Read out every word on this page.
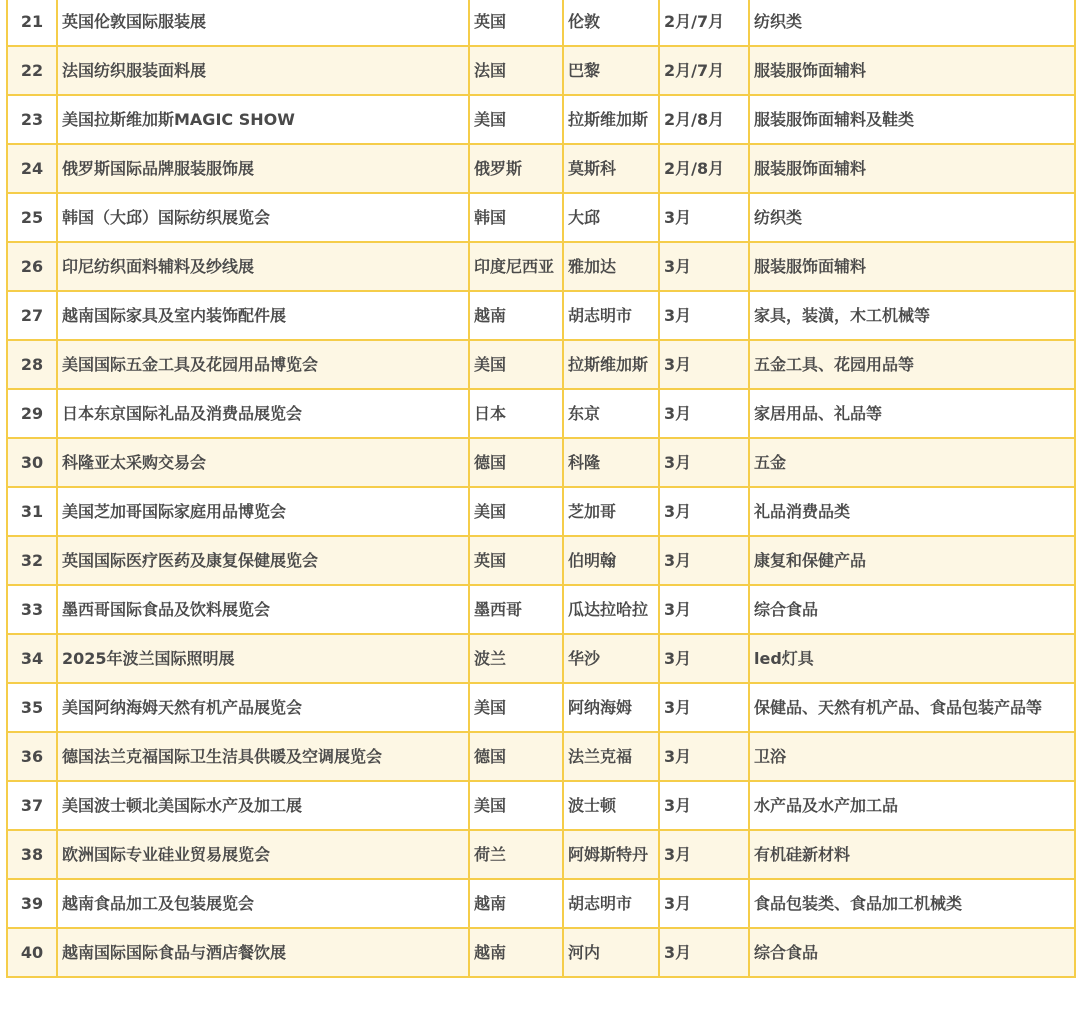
21	英国伦敦国际服装展	英国	伦敦	2月/7月	纺织类
22	法国纺织服装面料展	法国	巴黎	2月/7月	服装服饰面辅料
23	美国拉斯维加斯MAGIC SHOW	美国	拉斯维加斯	2月/8月	服装服饰面辅料及鞋类
24	俄罗斯国际品牌服装服饰展	俄罗斯	莫斯科	2月/8月	服装服饰面辅料
25	韩国（大邱）国际纺织展览会	韩国	大邱	3月	纺织类
26	印尼纺织面料辅料及纱线展	印度尼西亚	雅加达	3月	服装服饰面辅料
27	越南国际家具及室内装饰配件展	越南	胡志明市	3月	家具，装潢，木工机械等
28	美国国际五金工具及花园用品博览会	美国	拉斯维加斯	3月	五金工具、花园用品等
29	日本东京国际礼品及消费品展览会	日本	东京	3月	家居用品、礼品等
30	科隆亚太采购交易会	德国	科隆	3月	五金
31	美国芝加哥国际家庭用品博览会	美国	芝加哥	3月	礼品消费品类
32	英国国际医疗医药及康复保健展览会	英国	伯明翰	3月	康复和保健产品
33	墨西哥国际食品及饮料展览会	墨西哥	瓜达拉哈拉	3月	综合食品
34	2025年波兰国际照明展	波兰	华沙	3月	led灯具
35	美国阿纳海姆天然有机产品展览会	美国	阿纳海姆	3月	保健品、天然有机产品、食品包装产品等
36	德国法兰克福国际卫生洁具供暖及空调展览会	德国	法兰克福	3月	卫浴
37	美国波士顿北美国际水产及加工展	美国	波士顿	3月	水产品及水产加工品
38	欧洲国际专业硅业贸易展览会	荷兰	阿姆斯特丹	3月	有机硅新材料
39	越南食品加工及包装展览会	越南	胡志明市	3月	食品包装类、食品加工机械类
40	越南国际国际食品与酒店餐饮展	越南	河内	3月	综合食品
